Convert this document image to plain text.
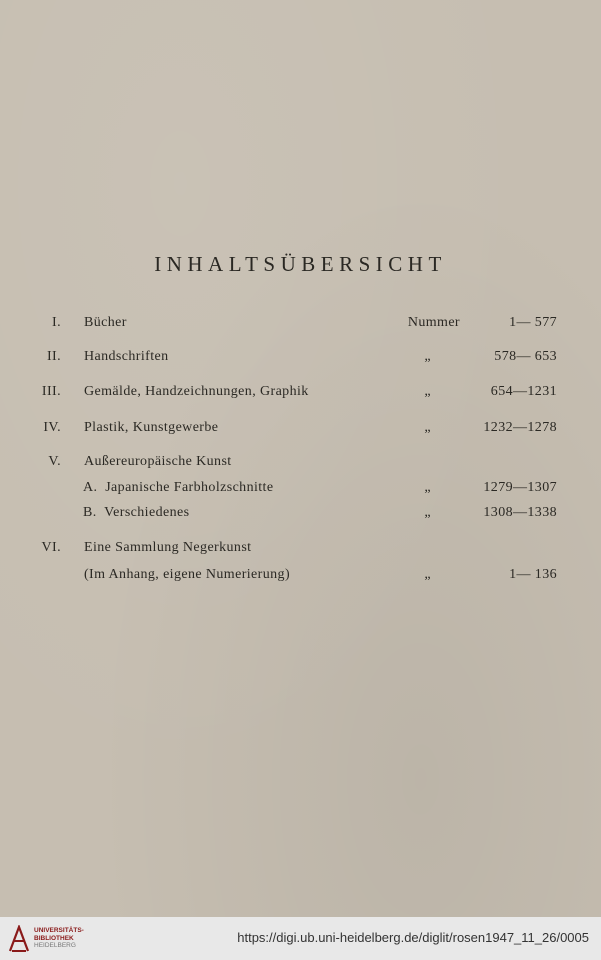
INHALTSÜBERSICHT
I. Bücher	Nummer	1— 577
II. Handschriften	„	578— 653
III. Gemälde, Handzeichnungen, Graphik	„	654—1231
IV. Plastik, Kunstgewerbe	„	1232—1278
V. Außereuropäische Kunst
A.  Japanische Farbholzschnitte	„	1279—1307
B.  Verschiedenes	„	1308—1338
VI. Eine Sammlung Negerkunst
(Im Anhang, eigene Numerierung)	„	1— 136
UNIVERSITÄTS-
BIBLIOTHEK
HEIDELBERG
https://digi.ub.uni-heidelberg.de/diglit/rosen1947_11_26/0005
